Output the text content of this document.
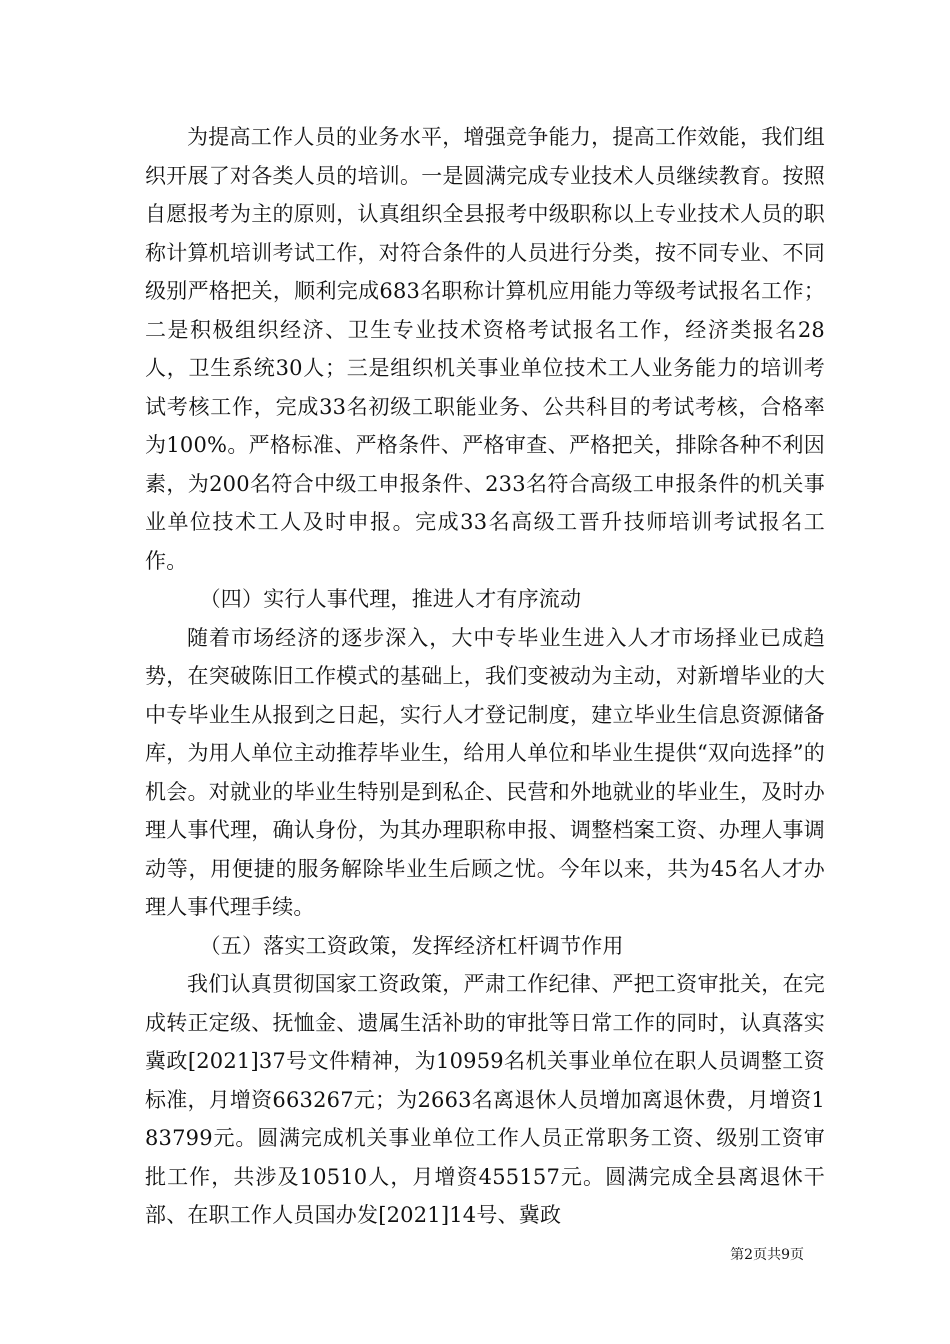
为提高工作人员的业务水平，增强竞争能力，提高工作效能，我们组织开展了对各类人员的培训。一是圆满完成专业技术人员继续教育。按照自愿报考为主的原则，认真组织全县报考中级职称以上专业技术人员的职称计算机培训考试工作，对符合条件的人员进行分类，按不同专业、不同级别严格把关，顺利完成683名职称计算机应用能力等级考试报名工作；二是积极组织经济、卫生专业技术资格考试报名工作，经济类报名28人，卫生系统30人；三是组织机关事业单位技术工人业务能力的培训考试考核工作，完成33名初级工职能业务、公共科目的考试考核，合格率为100%。严格标准、严格条件、严格审查、严格把关，排除各种不利因素，为200名符合中级工申报条件、233名符合高级工申报条件的机关事业单位技术工人及时申报。完成33名高级工晋升技师培训考试报名工作。

（四）实行人事代理，推进人才有序流动

随着市场经济的逐步深入，大中专毕业生进入人才市场择业已成趋势，在突破陈旧工作模式的基础上，我们变被动为主动，对新增毕业的大中专毕业生从报到之日起，实行人才登记制度，建立毕业生信息资源储备库，为用人单位主动推荐毕业生，给用人单位和毕业生提供“双向选择”的机会。对就业的毕业生特别是到私企、民营和外地就业的毕业生，及时办理人事代理，确认身份，为其办理职称申报、调整档案工资、办理人事调动等，用便捷的服务解除毕业生后顾之忧。今年以来，共为45名人才办理人事代理手续。

（五）落实工资政策，发挥经济杠杆调节作用

我们认真贯彻国家工资政策，严肃工作纪律、严把工资审批关，在完成转正定级、抚恤金、遗属生活补助的审批等日常工作的同时，认真落实冀政[2021]37号文件精神，为10959名机关事业单位在职人员调整工资标准，月增资663267元；为2663名离退休人员增加离退休费，月增资183799元。圆满完成机关事业单位工作人员正常职务工资、级别工资审批工作，共涉及10510人，月增资455157元。圆满完成全县离退休干部、在职工作人员国办发[2021]14号、冀政

第2页共9页
